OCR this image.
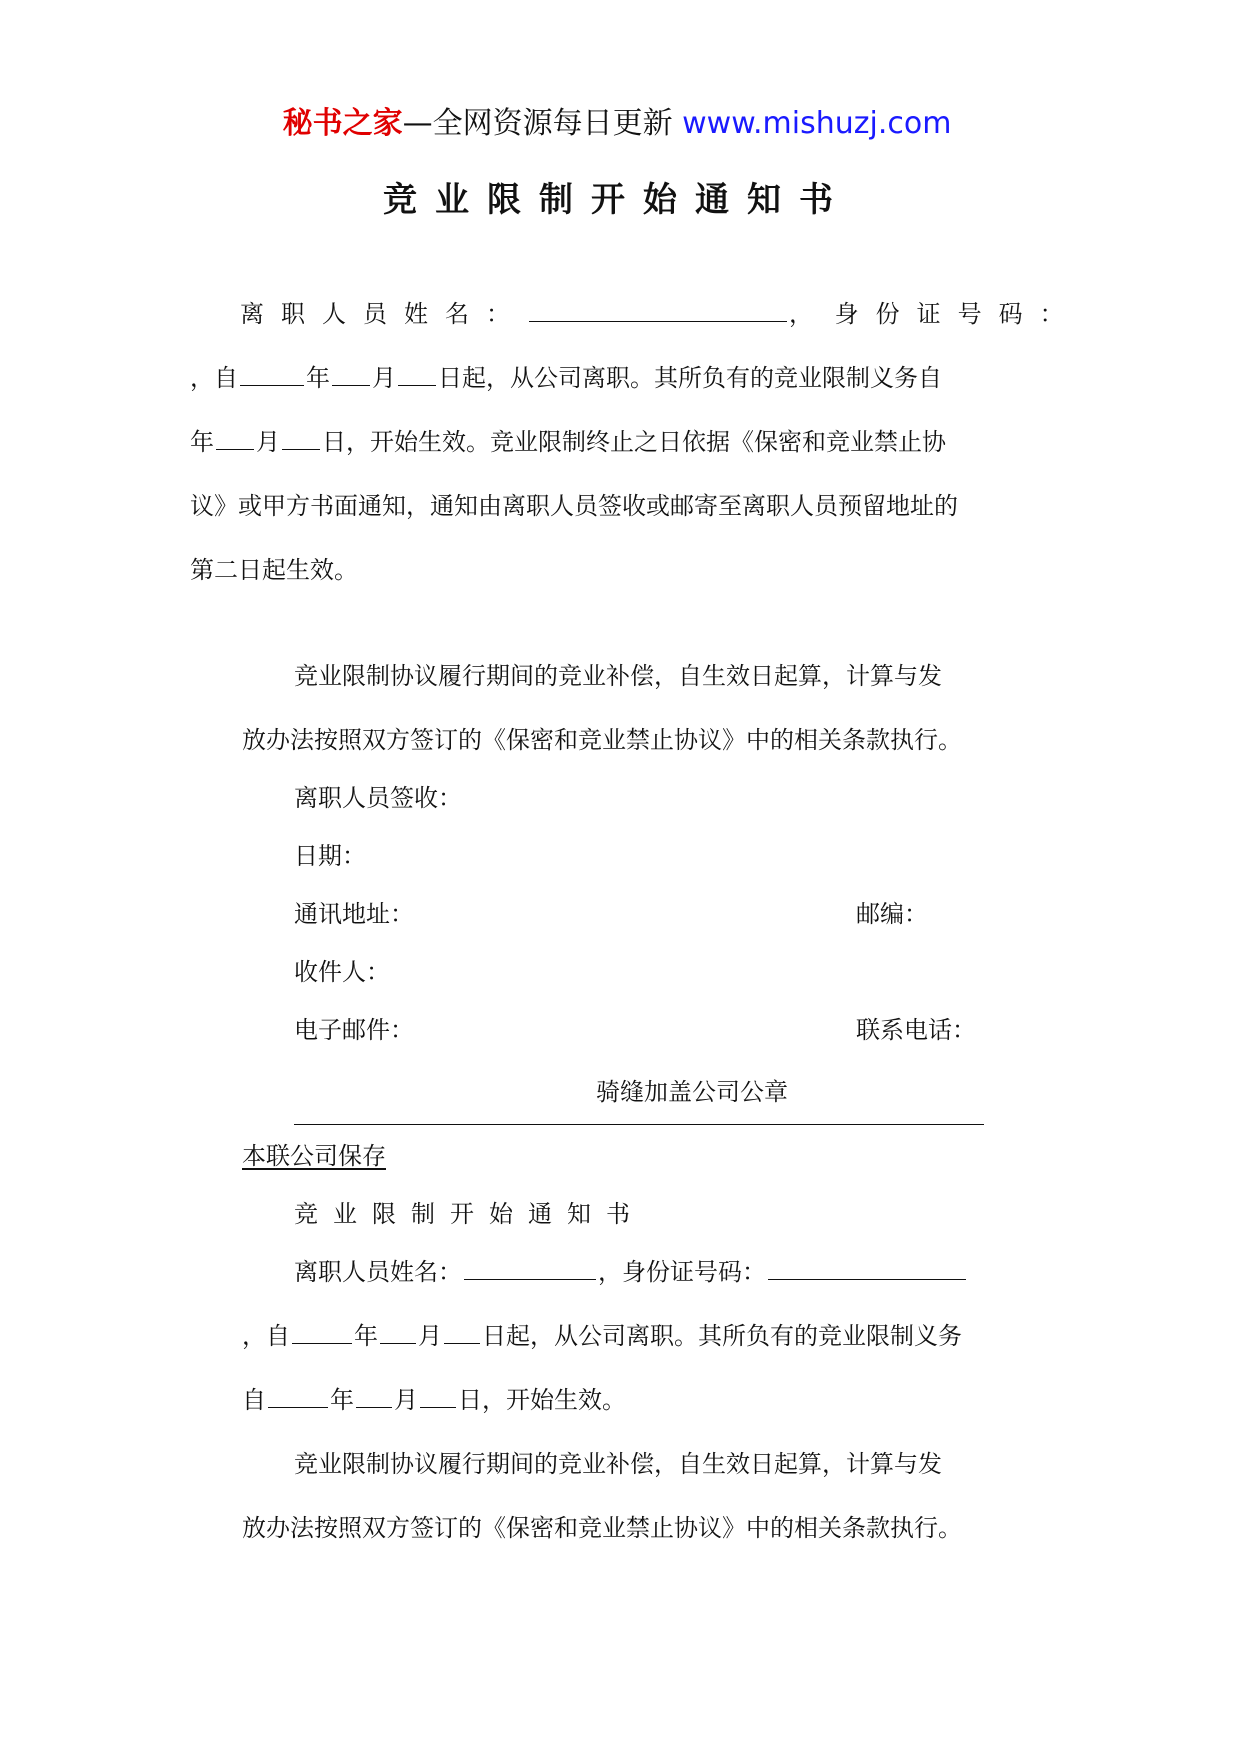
秘书之家—全网资源每日更新 www.mishuzj.com
竞业限制开始通知书
离职人员姓名：	， 身份证号码：
，自	年 月 日起，从公司离职。其所负有的竞业限制义务自
年 月 日，开始生效。竞业限制终止之日依据《保密和竞业禁止协
议》或甲方书面通知，通知由离职人员签收或邮寄至离职人员预留地址的
第二日起生效。
竞业限制协议履行期间的竞业补偿，自生效日起算，计算与发
放办法按照双方签订的《保密和竞业禁止协议》中的相关条款执行。
离职人员签收：
日期：
通讯地址：	邮编：
收件人：
电子邮件：	联系电话：
骑缝加盖公司公章
本联公司保存
竞业限制开始通知书
离职人员姓名：	，身份证号码：
，自	年 月 日起，从公司离职。其所负有的竞业限制义务
自	年 月 日，开始生效。
竞业限制协议履行期间的竞业补偿，自生效日起算，计算与发
放办法按照双方签订的《保密和竞业禁止协议》中的相关条款执行。
